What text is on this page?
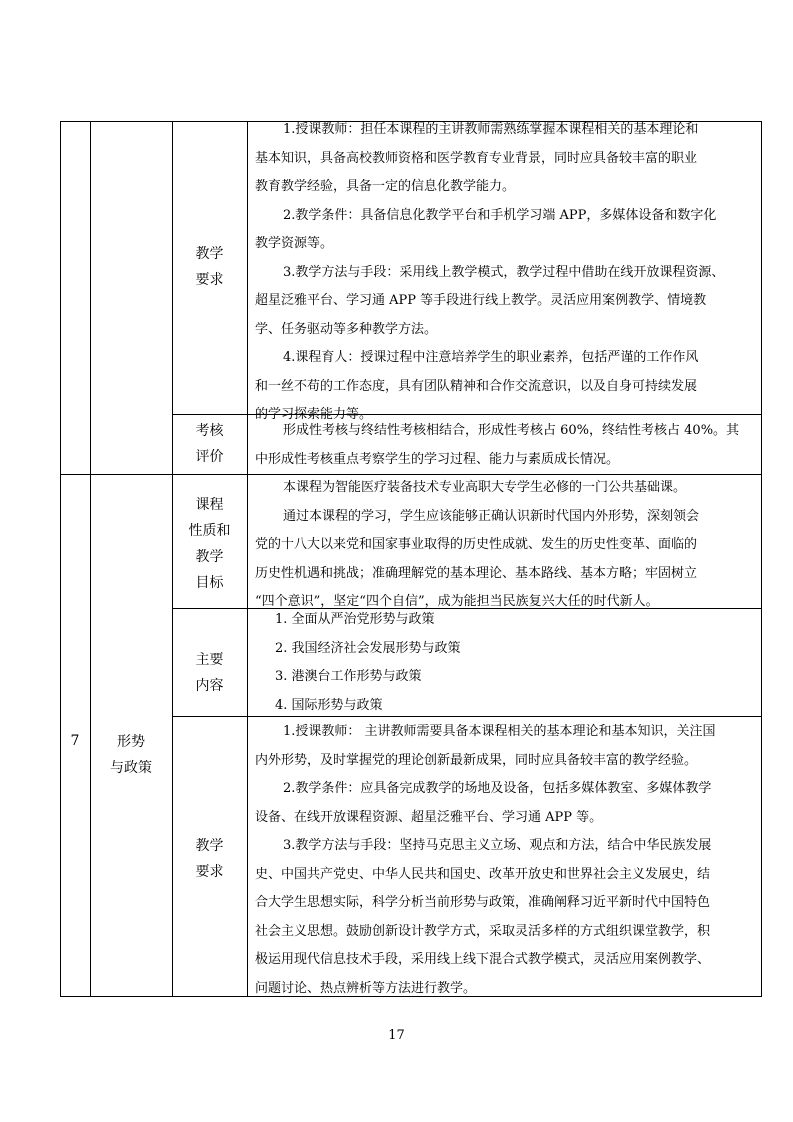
教学
要求
1.授课教师：担任本课程的主讲教师需熟练掌握本课程相关的基本理论和
基本知识，具备高校教师资格和医学教育专业背景，同时应具备较丰富的职业
教育教学经验，具备一定的信息化教学能力。
2.教学条件：具备信息化教学平台和手机学习端 APP，多媒体设备和数字化
教学资源等。
3.教学方法与手段：采用线上教学模式，教学过程中借助在线开放课程资源、
超星泛雅平台、学习通 APP 等手段进行线上教学。灵活应用案例教学、情境教
学、任务驱动等多种教学方法。
4.课程育人：授课过程中注意培养学生的职业素养，包括严谨的工作作风
和一丝不苟的工作态度，具有团队精神和合作交流意识，以及自身可持续发展
的学习探索能力等。
考核
评价
形成性考核与终结性考核相结合，形成性考核占 60%，终结性考核占 40%。其
中形成性考核重点考察学生的学习过程、能力与素质成长情况。
7	形势
与政策
课程
性质和
教学
目标
本课程为智能医疗装备技术专业高职大专学生必修的一门公共基础课。
通过本课程的学习，学生应该能够正确认识新时代国内外形势，深刻领会
党的十八大以来党和国家事业取得的历史性成就、发生的历史性变革、面临的
历史性机遇和挑战；准确理解党的基本理论、基本路线、基本方略；牢固树立
“四个意识”，坚定“四个自信”，成为能担当民族复兴大任的时代新人。
主要
内容
1. 全面从严治党形势与政策
2. 我国经济社会发展形势与政策
3. 港澳台工作形势与政策
4. 国际形势与政策
教学
要求
1.授课教师： 主讲教师需要具备本课程相关的基本理论和基本知识，关注国
内外形势，及时掌握党的理论创新最新成果，同时应具备较丰富的教学经验。
2.教学条件：应具备完成教学的场地及设备，包括多媒体教室、多媒体教学
设备、在线开放课程资源、超星泛雅平台、学习通 APP 等。
3.教学方法与手段：坚持马克思主义立场、观点和方法，结合中华民族发展
史、中国共产党史、中华人民共和国史、改革开放史和世界社会主义发展史，结
合大学生思想实际，科学分析当前形势与政策，准确阐释习近平新时代中国特色
社会主义思想。鼓励创新设计教学方式，采取灵活多样的方式组织课堂教学，积
极运用现代信息技术手段，采用线上线下混合式教学模式，灵活应用案例教学、
问题讨论、热点辨析等方法进行教学。
17
